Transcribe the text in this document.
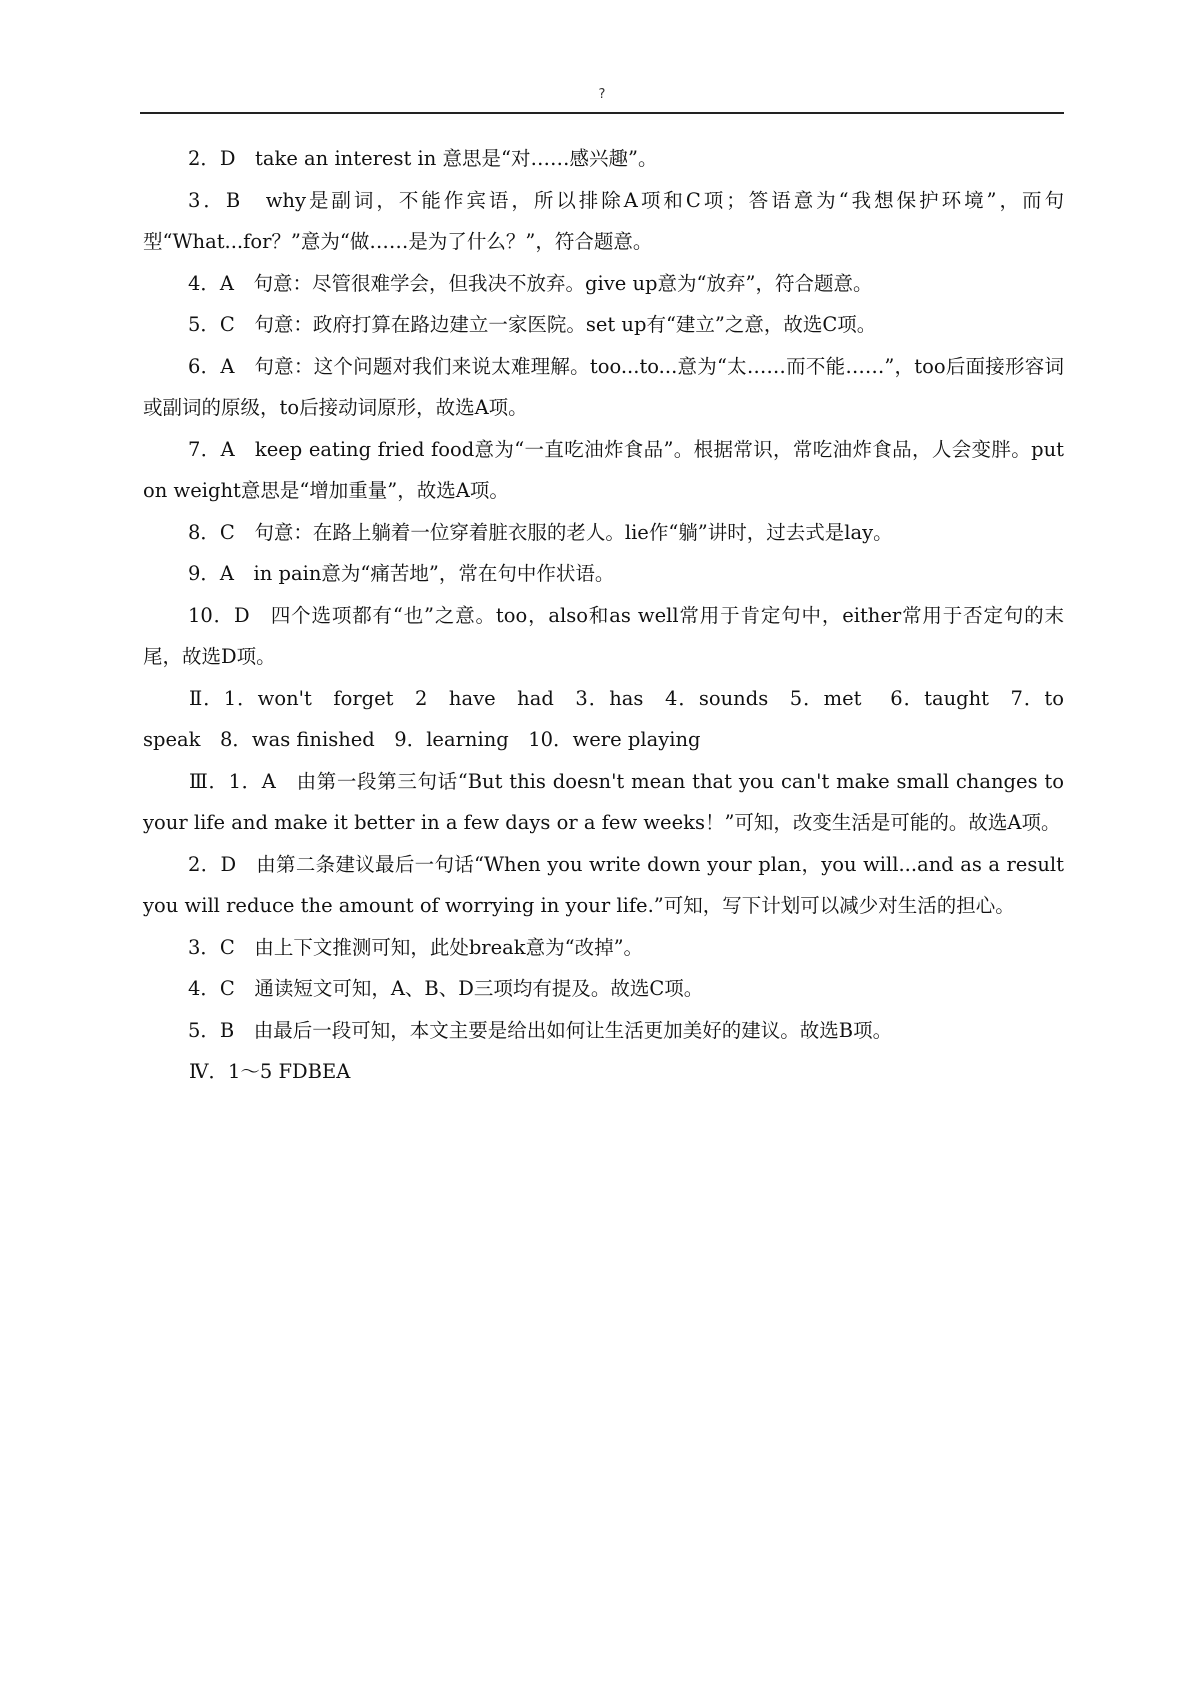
?

2．D　take an interest in 意思是“对……感兴趣”。

3．B　why是副词，不能作宾语，所以排除A项和C项；答语意为“我想保护环境”，而句型“What...for？”意为“做……是为了什么？”，符合题意。

4．A　句意：尽管很难学会，但我决不放弃。give up意为“放弃”，符合题意。

5．C　句意：政府打算在路边建立一家医院。set up有“建立”之意，故选C项。

6．A　句意：这个问题对我们来说太难理解。too...to...意为“太……而不能……”，too后面接形容词或副词的原级，to后接动词原形，故选A项。

7．A　keep eating fried food意为“一直吃油炸食品”。根据常识，常吃油炸食品，人会变胖。put on weight意思是“增加重量”，故选A项。

8．C　句意：在路上躺着一位穿着脏衣服的老人。lie作“躺”讲时，过去式是lay。

9．A　in pain意为“痛苦地”，常在句中作状语。

10．D　四个选项都有“也”之意。too，also和as well常用于肯定句中，either常用于否定句的末尾，故选D项。

Ⅱ．1．won't　forget　2　have　had　3．has　4．sounds　5．met　 6．taught　7．to　speak　8．was finished　9．learning　10．were playing

Ⅲ．1．A　由第一段第三句话“But this doesn't mean that you can't make small changes to your life and make it better in a few days or a few weeks！”可知，改变生活是可能的。故选A项。

2．D　由第二条建议最后一句话“When you write down your plan，you will...and as a result you will reduce the amount of worrying in your life.”可知，写下计划可以减少对生活的担心。

3．C　由上下文推测可知，此处break意为“改掉”。

4．C　通读短文可知，A、B、D三项均有提及。故选C项。

5．B　由最后一段可知，本文主要是给出如何让生活更加美好的建议。故选B项。

Ⅳ．1～5 FDBEA
